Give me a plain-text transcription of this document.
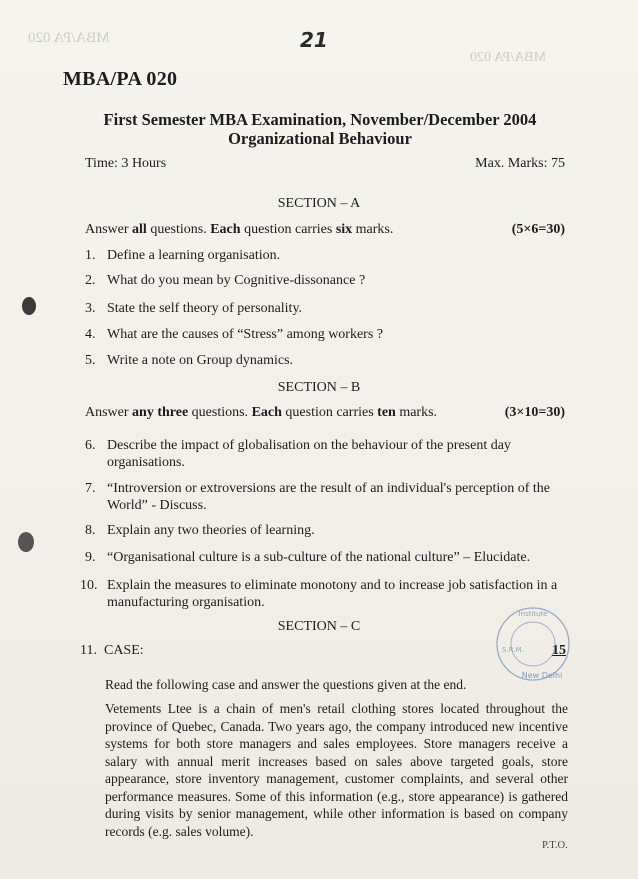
MBA/PA 020
MBA/PA 020
21
MBA/PA 020
First Semester MBA Examination, November/December 2004
Organizational Behaviour
Time: 3 Hours	Max. Marks: 75
SECTION – A
Answer all questions. Each question carries six marks.	(5×6=30)
1. Define a learning organisation.
2. What do you mean by Cognitive-dissonance ?
3. State the self theory of personality.
4. What are the causes of “Stress” among workers ?
5. Write a note on Group dynamics.
SECTION – B
Answer any three questions. Each question carries ten marks.	(3×10=30)
6. Describe the impact of globalisation on the behaviour of the present day organisations.
7. “Introversion or extroversions are the result of an individual's perception of the World” - Discuss.
8. Explain any two theories of learning.
9. “Organisational culture is a sub-culture of the national culture” – Elucidate.
10. Explain the measures to eliminate monotony and to increase job satisfaction in a manufacturing organisation.
SECTION – C
11. CASE:	15
Institute
New Delhi
S.R.M.
Read the following case and answer the questions given at the end.
Vetements Ltee is a chain of men's retail clothing stores located throughout the province of Quebec, Canada. Two years ago, the company introduced new incentive systems for both store managers and sales employees. Store managers receive a salary with annual merit increases based on sales above targeted goals, store appearance, store inventory management, customer complaints, and several other performance measures. Some of this information (e.g., store appearance) is gathered during visits by senior management, while other information is based on company records (e.g. sales volume).
P.T.O.
